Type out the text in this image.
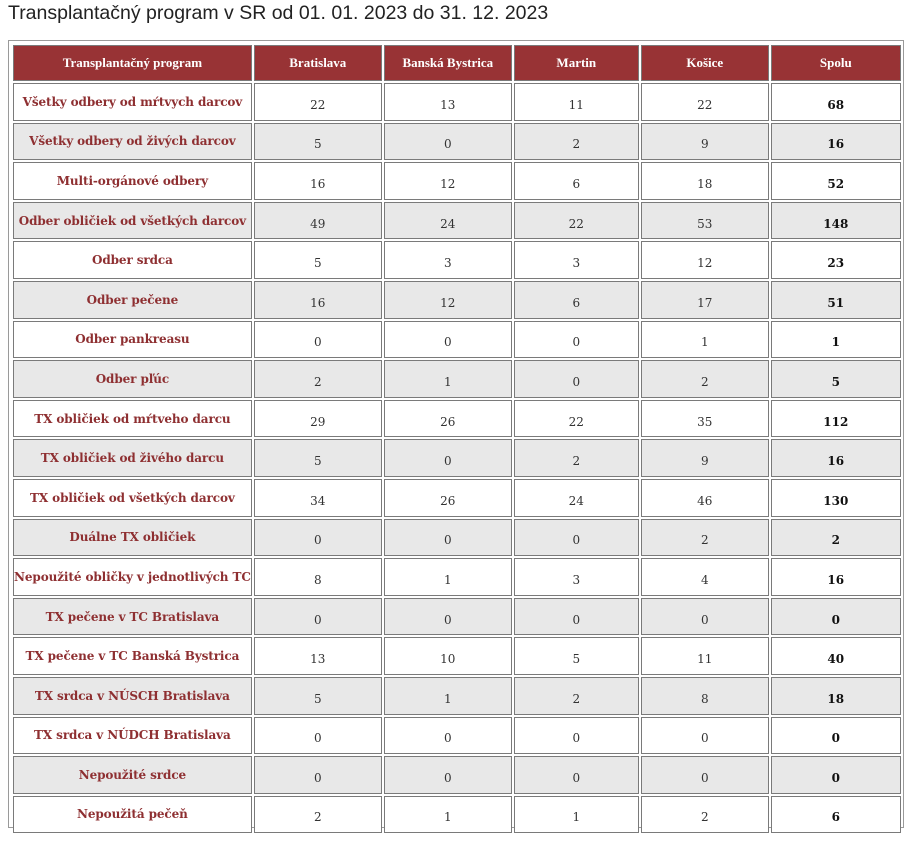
Transplantačný program v SR od 01. 01. 2023 do 31. 12. 2023
Transplantačný program	Bratislava	Banská Bystrica	Martin	Košice	Spolu
Všetky odbery od mŕtvych darcov	22	13	11	22	68
Všetky odbery od živých darcov	5	0	2	9	16
Multi-orgánové odbery	16	12	6	18	52
Odber obličiek od všetkých darcov	49	24	22	53	148
Odber srdca	5	3	3	12	23
Odber pečene	16	12	6	17	51
Odber pankreasu	0	0	0	1	1
Odber pľúc	2	1	0	2	5
TX obličiek od mŕtveho darcu	29	26	22	35	112
TX obličiek od živého darcu	5	0	2	9	16
TX obličiek od všetkých darcov	34	26	24	46	130
Duálne TX obličiek	0	0	0	2	2
Nepoužité obličky v jednotlivých TC	8	1	3	4	16
TX pečene v TC Bratislava	0	0	0	0	0
TX pečene v TC Banská Bystrica	13	10	5	11	40
TX srdca v NÚSCH Bratislava	5	1	2	8	18
TX srdca v NÚDCH Bratislava	0	0	0	0	0
Nepoužité srdce	0	0	0	0	0
Nepoužitá pečeň	2	1	1	2	6
